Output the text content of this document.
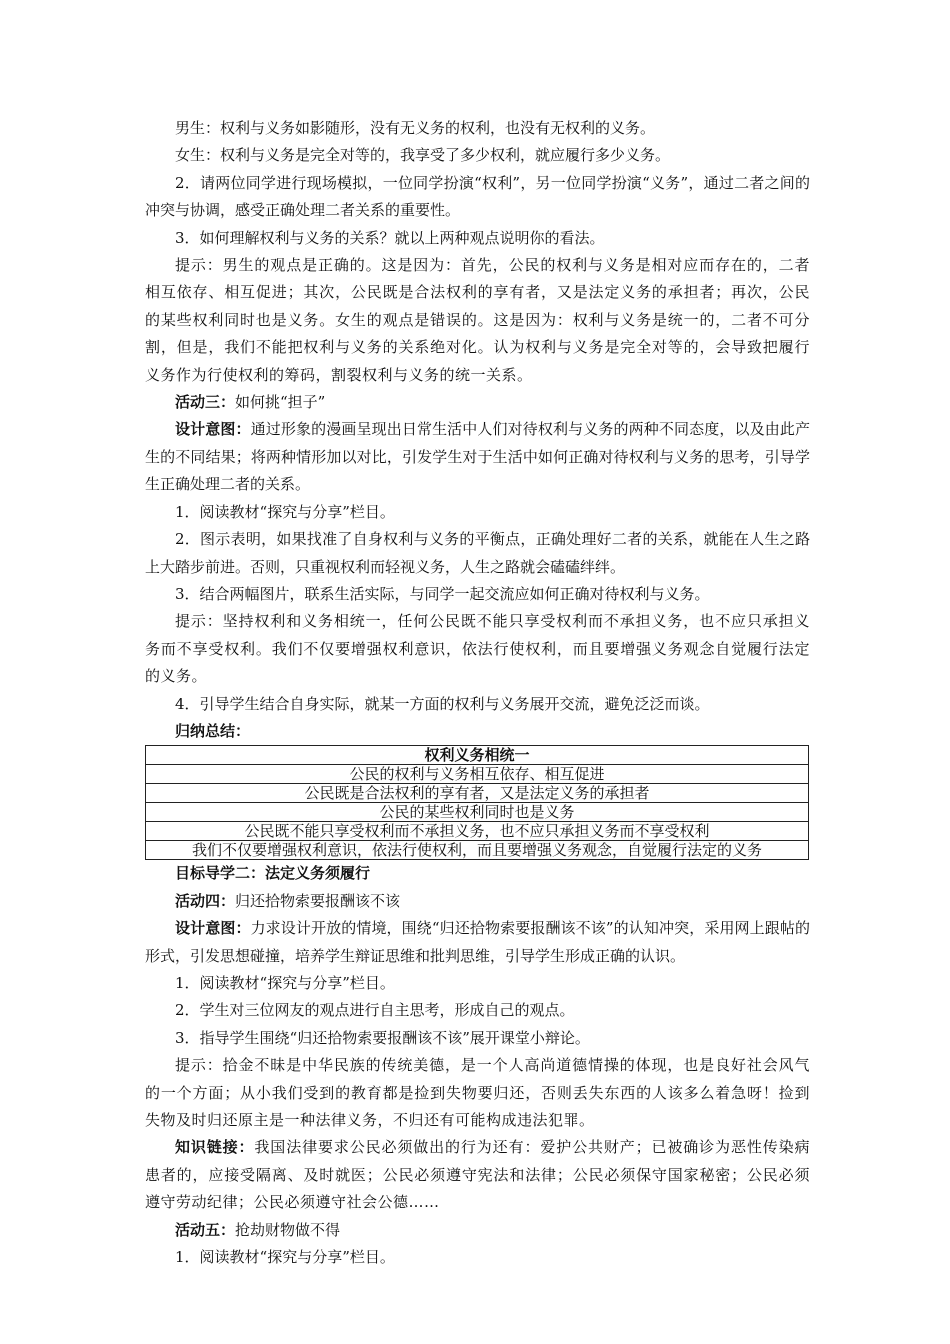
男生：权利与义务如影随形，没有无义务的权利，也没有无权利的义务。

女生：权利与义务是完全对等的，我享受了多少权利，就应履行多少义务。

2．请两位同学进行现场模拟，一位同学扮演“权利”，另一位同学扮演“义务”，通过二者之间的冲突与协调，感受正确处理二者关系的重要性。

3．如何理解权利与义务的关系？就以上两种观点说明你的看法。

提示：男生的观点是正确的。这是因为：首先，公民的权利与义务是相对应而存在的，二者相互依存、相互促进；其次，公民既是合法权利的享有者，又是法定义务的承担者；再次，公民的某些权利同时也是义务。女生的观点是错误的。这是因为：权利与义务是统一的，二者不可分割，但是，我们不能把权利与义务的关系绝对化。认为权利与义务是完全对等的，会导致把履行义务作为行使权利的筹码，割裂权利与义务的统一关系。

活动三：如何挑“担子”

设计意图：通过形象的漫画呈现出日常生活中人们对待权利与义务的两种不同态度，以及由此产生的不同结果；将两种情形加以对比，引发学生对于生活中如何正确对待权利与义务的思考，引导学生正确处理二者的关系。

1．阅读教材“探究与分享”栏目。

2．图示表明，如果找准了自身权利与义务的平衡点，正确处理好二者的关系，就能在人生之路上大踏步前进。否则，只重视权利而轻视义务，人生之路就会磕磕绊绊。

3．结合两幅图片，联系生活实际，与同学一起交流应如何正确对待权利与义务。

提示：坚持权利和义务相统一，任何公民既不能只享受权利而不承担义务，也不应只承担义务而不享受权利。我们不仅要增强权利意识，依法行使权利，而且要增强义务观念自觉履行法定的义务。

4．引导学生结合自身实际，就某一方面的权利与义务展开交流，避免泛泛而谈。

归纳总结：

权利义务相统一
公民的权利与义务相互依存、相互促进
公民既是合法权利的享有者，又是法定义务的承担者
公民的某些权利同时也是义务
公民既不能只享受权利而不承担义务，也不应只承担义务而不享受权利
我们不仅要增强权利意识，依法行使权利，而且要增强义务观念，自觉履行法定的义务

目标导学二：法定义务须履行

活动四：归还拾物索要报酬该不该

设计意图：力求设计开放的情境，围绕“归还拾物索要报酬该不该”的认知冲突，采用网上跟帖的形式，引发思想碰撞，培养学生辩证思维和批判思维，引导学生形成正确的认识。

1．阅读教材“探究与分享”栏目。

2．学生对三位网友的观点进行自主思考，形成自己的观点。

3．指导学生围绕“归还拾物索要报酬该不该”展开课堂小辩论。

提示：拾金不昧是中华民族的传统美德，是一个人高尚道德情操的体现，也是良好社会风气的一个方面；从小我们受到的教育都是捡到失物要归还，否则丢失东西的人该多么着急呀！捡到失物及时归还原主是一种法律义务，不归还有可能构成违法犯罪。

知识链接：我国法律要求公民必须做出的行为还有：爱护公共财产；已被确诊为恶性传染病患者的，应接受隔离、及时就医；公民必须遵守宪法和法律；公民必须保守国家秘密；公民必须遵守劳动纪律；公民必须遵守社会公德……

活动五：抢劫财物做不得

1．阅读教材“探究与分享”栏目。
